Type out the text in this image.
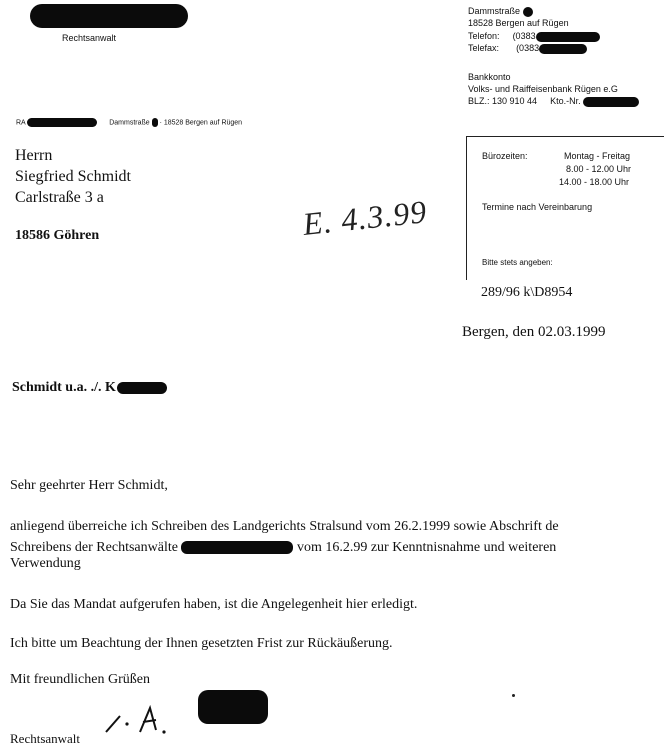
Rechtsanwalt
Dammstraße
18528 Bergen auf Rügen
Telefon: (0383
Telefax: (0383
Bankkonto
Volks- und Raiffeisenbank Rügen e.G
BLZ.: 130 910 44 Kto.-Nr.
RA	Dammstraße · 18528 Bergen auf Rügen
Herrn
Siegfried Schmidt
Carlstraße 3 a
18586 Göhren
Bürozeiten:	Montag - Freitag
8.00 - 12.00 Uhr
14.00 - 18.00 Uhr
Termine nach Vereinbarung
Bitte stets angeben:
289/96 k\D8954
E. 4.3.99
Bergen, den 02.03.1999
Schmidt u.a. ./. K
Sehr geehrter Herr Schmidt,
anliegend überreiche ich Schreiben des Landgerichts Stralsund vom 26.2.1999 sowie Abschrift de
Schreibens der Rechtsanwälte	vom 16.2.99 zur Kenntnisnahme und weiteren
Verwendung
Da Sie das Mandat aufgerufen haben, ist die Angelegenheit hier erledigt.
Ich bitte um Beachtung der Ihnen gesetzten Frist zur Rückäußerung.
Mit freundlichen Grüßen
Rechtsanwalt
